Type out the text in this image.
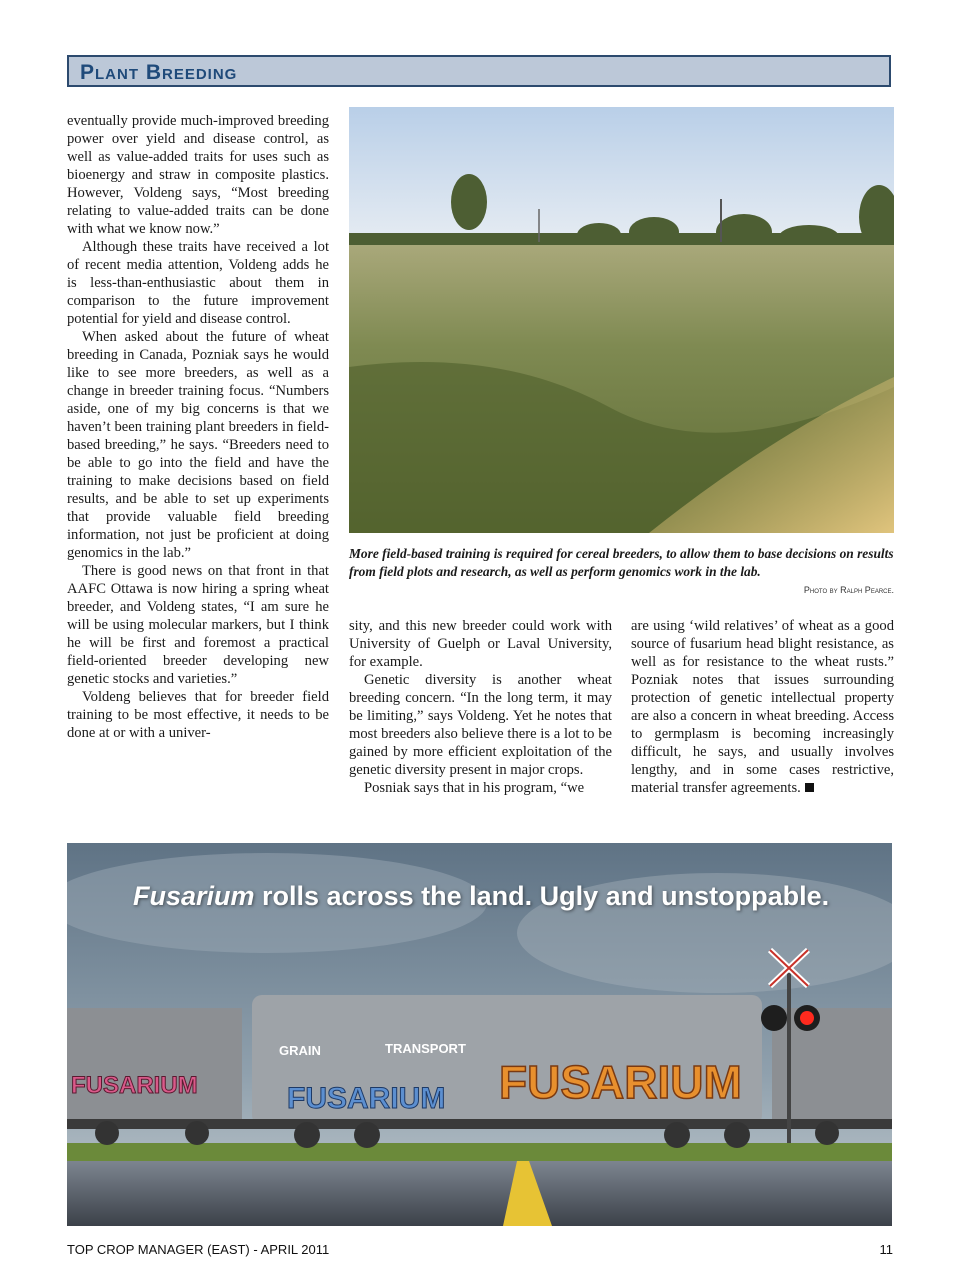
Plant Breeding

eventually provide much-improved breeding power over yield and disease control, as well as value-added traits for uses such as bioenergy and straw in composite plastics. However, Voldeng says, “Most breeding relating to value-added traits can be done with what we know now.”

Although these traits have received a lot of recent media attention, Voldeng adds he is less-than-enthusiastic about them in comparison to the future improvement potential for yield and disease control.

When asked about the future of wheat breeding in Canada, Pozniak says he would like to see more breeders, as well as a change in breeder training focus. “Numbers aside, one of my big concerns is that we haven’t been training plant breeders in field-based breeding,” he says. “Breeders need to be able to go into the field and have the training to make decisions based on field results, and be able to set up experiments that provide valuable field breeding information, not just be proficient at doing genomics in the lab.”

There is good news on that front in that AAFC Ottawa is now hiring a spring wheat breeder, and Voldeng states, “I am sure he will be using molecular markers, but I think he will be first and foremost a practical field-oriented breeder developing new genetic stocks and varieties.”

Voldeng believes that for breeder field training to be most effective, it needs to be done at or with a univer-

More field-based training is required for cereal breeders, to allow them to base decisions on results from field plots and research, as well as perform genomics work in the lab.
Photo by Ralph Pearce.

sity, and this new breeder could work with University of Guelph or Laval University, for example.

Genetic diversity is another wheat breeding concern. “In the long term, it may be limiting,” says Voldeng. Yet he notes that most breeders also believe there is a lot to be gained by more efficient exploitation of the genetic diversity present in major crops.

Posniak says that in his program, “we

are using ‘wild relatives’ of wheat as a good source of fusarium head blight resistance, as well as for resistance to the wheat rusts.” Pozniak notes that issues surrounding protection of genetic intellectual property are also a concern in wheat breeding. Access to germplasm is becoming increasingly difficult, he says, and usually involves lengthy, and in some cases restrictive, material transfer agreements.

GRAIN	TRANSPORT
FUSARIUM
FUSARIUM
FUSARIUM
Fusarium rolls across the land. Ugly and unstoppable.
TOP CROP MANAGER (EAST) - APRIL 2011	11
